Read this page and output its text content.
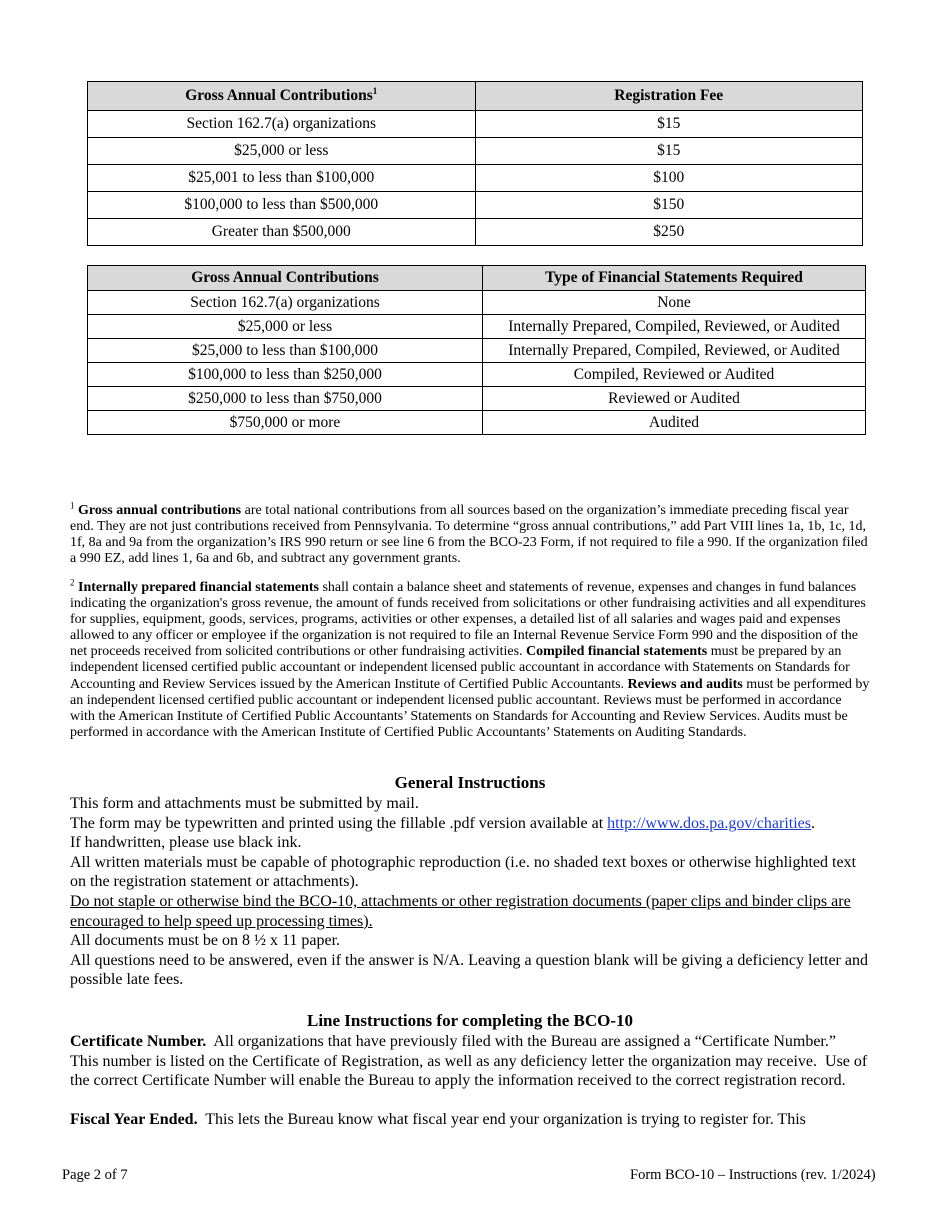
Gross Annual Contributions$^1$	Registration Fee
Section 162.7(a) organizations	$15
$25,000 or less	$15
$25,001 to less than $100,000	$100
$100,000 to less than $500,000	$150
Greater than $500,000	$250
Gross Annual Contributions	Type of Financial Statements Required
Section 162.7(a) organizations	None
$25,000 or less	Internally Prepared, Compiled, Reviewed, or Audited
$25,000 to less than $100,000	Internally Prepared, Compiled, Reviewed, or Audited
$100,000 to less than $250,000	Compiled, Reviewed or Audited
$250,000 to less than $750,000	Reviewed or Audited
$750,000 or more	Audited
$^1$ Gross annual contributions are total national contributions from all sources based on the organization’s immediate preceding fiscal year end. They are not just contributions received from Pennsylvania. To determine “gross annual contributions,” add Part VIII lines 1a, 1b, 1c, 1d, 1f, 8a and 9a from the organization’s IRS 990 return or see line 6 from the BCO-23 Form, if not required to file a 990. If the organization filed a 990 EZ, add lines 1, 6a and 6b, and subtract any government grants.
$^2$ Internally prepared financial statements shall contain a balance sheet and statements of revenue, expenses and changes in fund balances indicating the organization's gross revenue, the amount of funds received from solicitations or other fundraising activities and all expenditures for supplies, equipment, goods, services, programs, activities or other expenses, a detailed list of all salaries and wages paid and expenses allowed to any officer or employee if the organization is not required to file an Internal Revenue Service Form 990 and the disposition of the net proceeds received from solicited contributions or other fundraising activities. Compiled financial statements must be prepared by an independent licensed certified public accountant or independent licensed public accountant in accordance with Statements on Standards for Accounting and Review Services issued by the American Institute of Certified Public Accountants. Reviews and audits must be performed by an independent licensed certified public accountant or independent licensed public accountant. Reviews must be performed in accordance with the American Institute of Certified Public Accountants’ Statements on Standards for Accounting and Review Services. Audits must be performed in accordance with the American Institute of Certified Public Accountants’ Statements on Auditing Standards.
General Instructions

This form and attachments must be submitted by mail.

The form may be typewritten and printed using the fillable .pdf version available at http://www.dos.pa.gov/charities.

If handwritten, please use black ink.

All written materials must be capable of photographic reproduction (i.e. no shaded text boxes or otherwise highlighted text on the registration statement or attachments).

Do not staple or otherwise bind the BCO-10, attachments or other registration documents (paper clips and binder clips are encouraged to help speed up processing times).

All documents must be on 8 ½ x 11 paper.

All questions need to be answered, even if the answer is N/A. Leaving a question blank will be giving a deficiency letter and possible late fees.

Line Instructions for completing the BCO-10

Certificate Number.  All organizations that have previously filed with the Bureau are assigned a “Certificate Number.”  This number is listed on the Certificate of Registration, as well as any deficiency letter the organization may receive.  Use of the correct Certificate Number will enable the Bureau to apply the information received to the correct registration record.

Fiscal Year Ended.  This lets the Bureau know what fiscal year end your organization is trying to register for. This

Page 2 of 7	Form BCO-10 – Instructions (rev. 1/2024)
